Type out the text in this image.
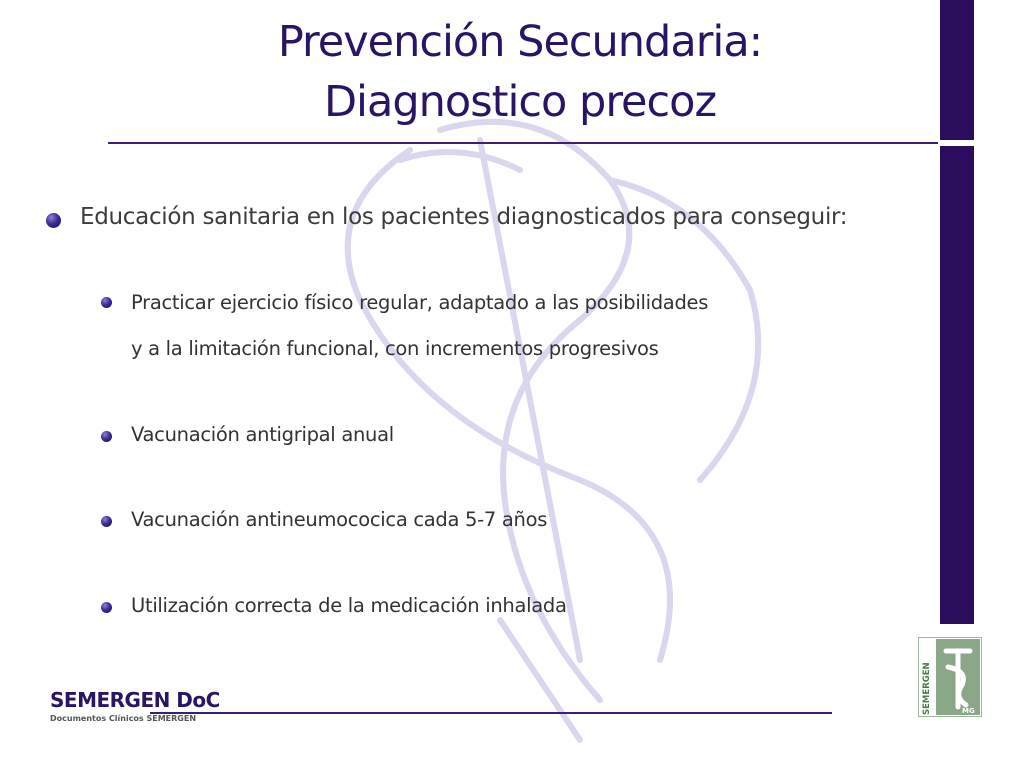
Prevención Secundaria:
Diagnostico precoz
Educación sanitaria en los pacientes diagnosticados para conseguir:
Practicar ejercicio físico regular, adaptado a las posibilidades
y a la limitación funcional, con incrementos progresivos
Vacunación antigripal anual
Vacunación antineumococica cada 5-7 años
Utilización correcta de la medicación inhalada
SEMERGEN DoC
Documentos Clínicos SEMERGEN
SEMERGEN	MG
